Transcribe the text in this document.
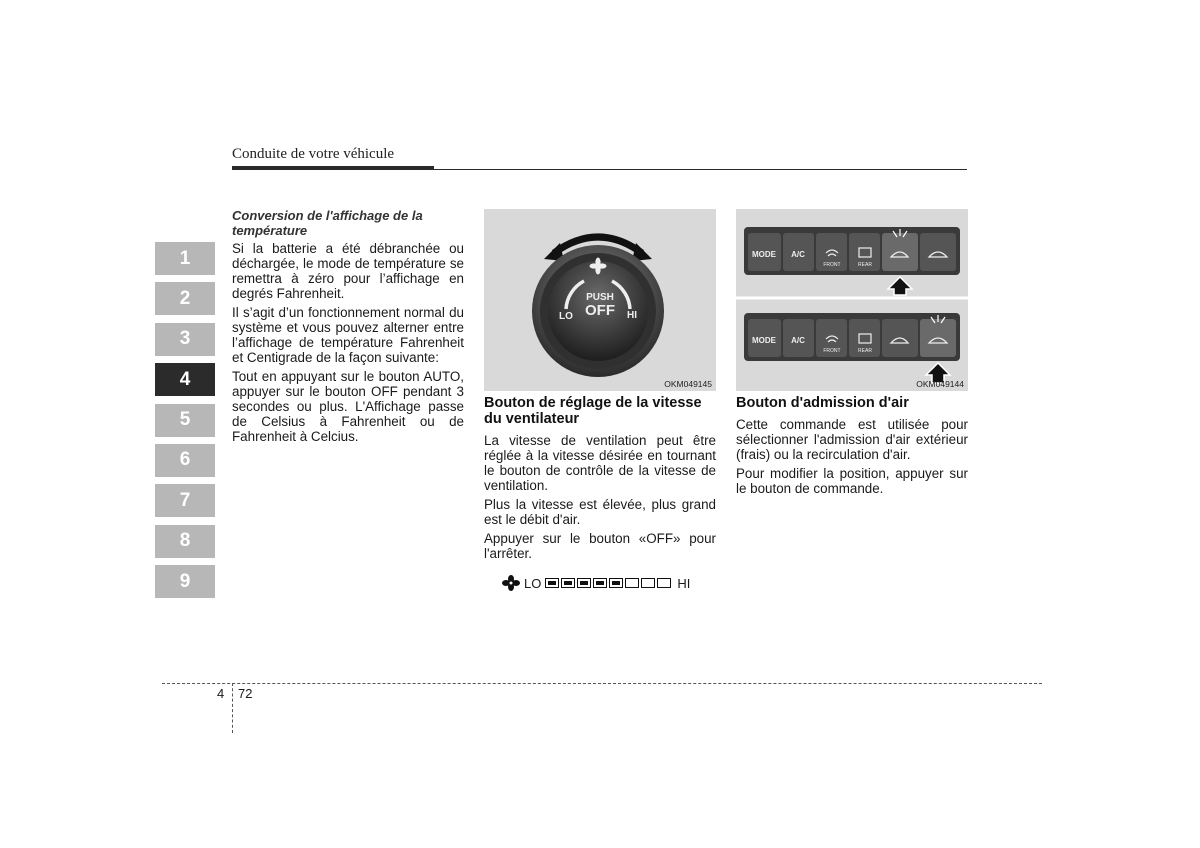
Conduite de votre véhicule
1
2
3
4
5
6
7
8
9
Conversion de l'affichage de la température

Si la batterie a été débranchée ou déchargée, le mode de température se remettra à zéro pour l’affichage en degrés Fahrenheit.

Il s’agit d’un fonctionnement normal du système et vous pouvez alterner entre l’affichage de température Fahrenheit et Centigrade de la façon suivante:

Tout en appuyant sur le bouton AUTO, appuyer sur le bouton OFF pendant 3 secondes ou plus. L'Affichage passe de Celsius à Fahrenheit ou de Fahrenheit à Celcius.

PUSH
OFF
LO	HI
OKM049145
MODE A/C
FRONT	REAR
MODE A/C
FRONT	REAR
OKM049144
Bouton de réglage de la vitesse du ventilateur

La vitesse de ventilation peut être réglée à la vitesse désirée en tournant le bouton de contrôle de la vitesse de ventilation.

Plus la vitesse est élevée, plus grand est le débit d'air.

Appuyer sur le bouton «OFF» pour l'arrêter.

LO	HI
Bouton d'admission d'air

Cette commande est utilisée pour sélectionner l'admission d'air extérieur (frais) ou la recirculation d'air.

Pour modifier la position, appuyer sur le bouton de commande.

4 72
